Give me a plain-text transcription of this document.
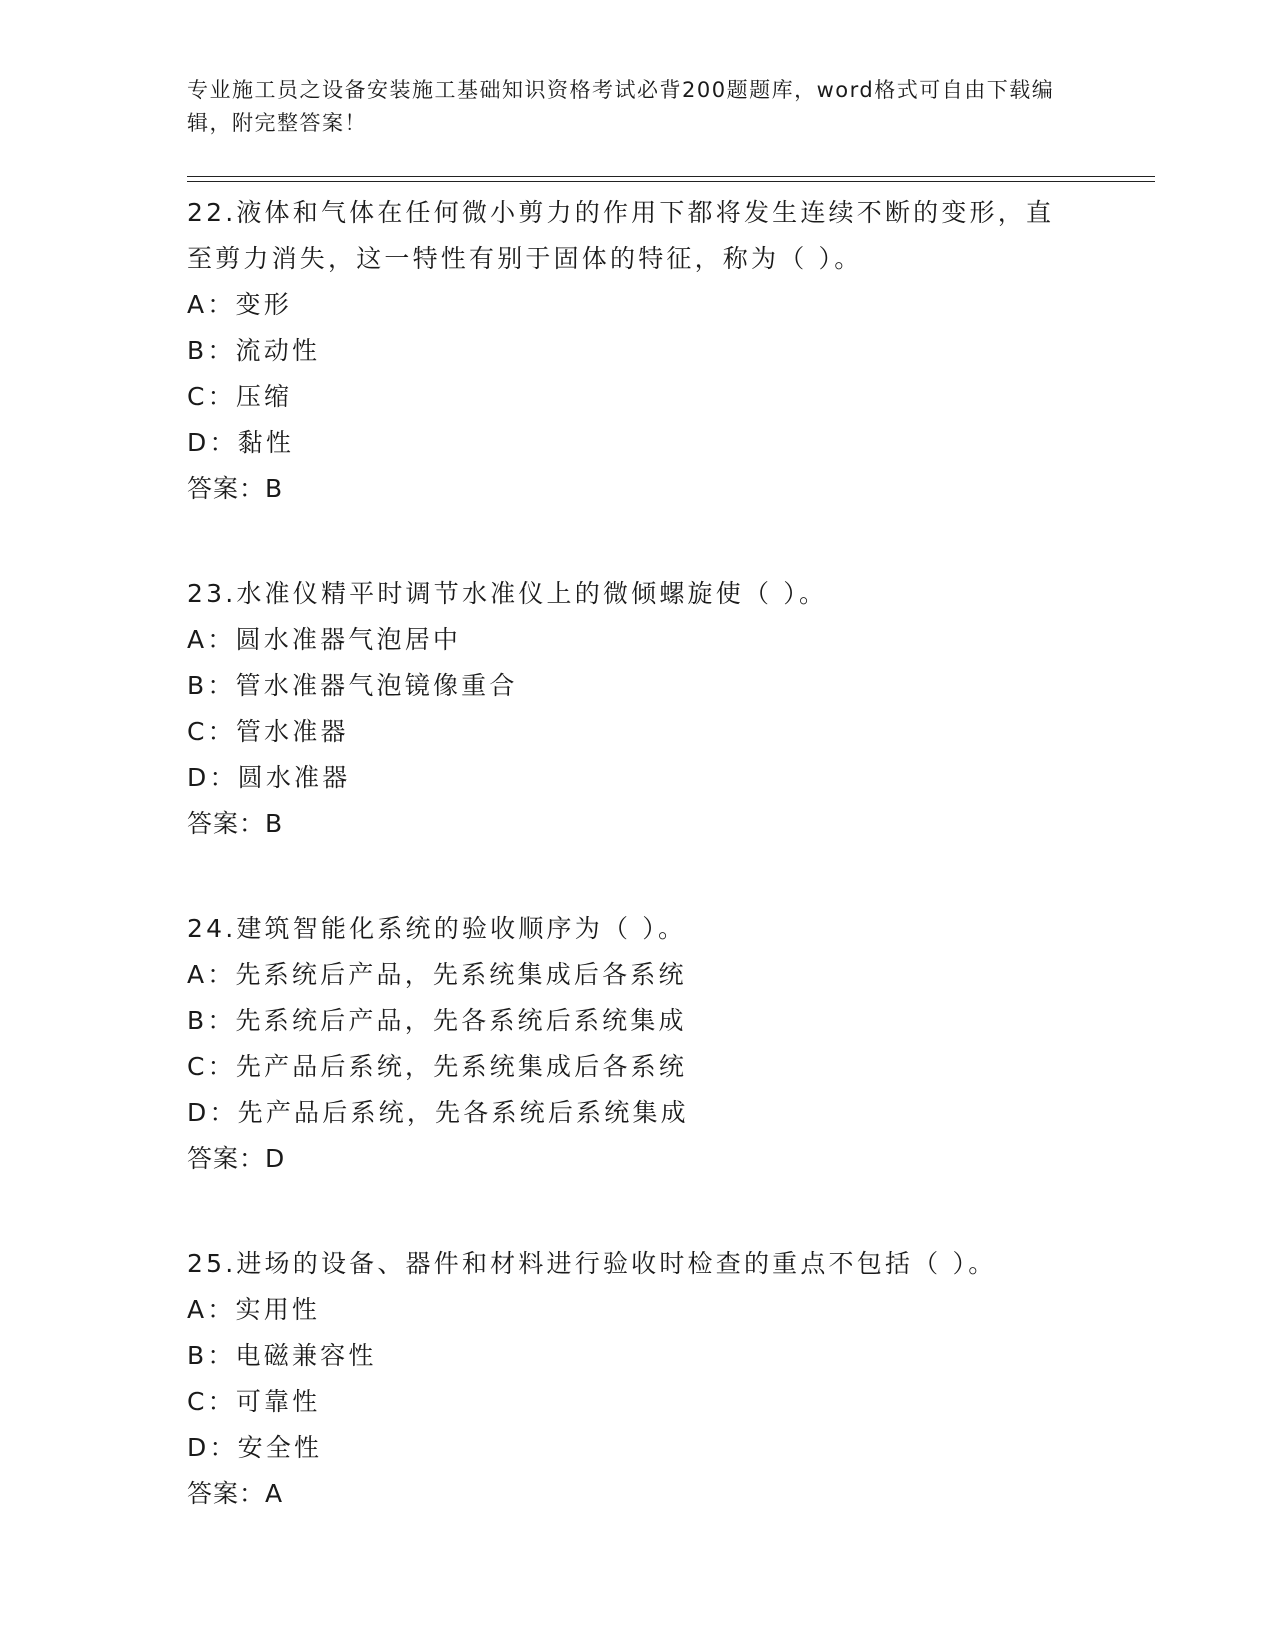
专业施工员之设备安装施工基础知识资格考试必背200题题库，word格式可自由下载编辑，附完整答案！

22.液体和气体在任何微小剪力的作用下都将发生连续不断的变形，直至剪力消失，这一特性有别于固体的特征，称为（ ）。

A：变形

B：流动性

C：压缩

D：黏性

答案：B

23.水准仪精平时调节水准仪上的微倾螺旋使（ ）。

A：圆水准器气泡居中

B：管水准器气泡镜像重合

C：管水准器

D：圆水准器

答案：B

24.建筑智能化系统的验收顺序为（ ）。

A：先系统后产品，先系统集成后各系统

B：先系统后产品，先各系统后系统集成

C：先产品后系统，先系统集成后各系统

D：先产品后系统，先各系统后系统集成

答案：D

25.进场的设备、器件和材料进行验收时检查的重点不包括（ ）。

A：实用性

B：电磁兼容性

C：可靠性

D：安全性

答案：A
